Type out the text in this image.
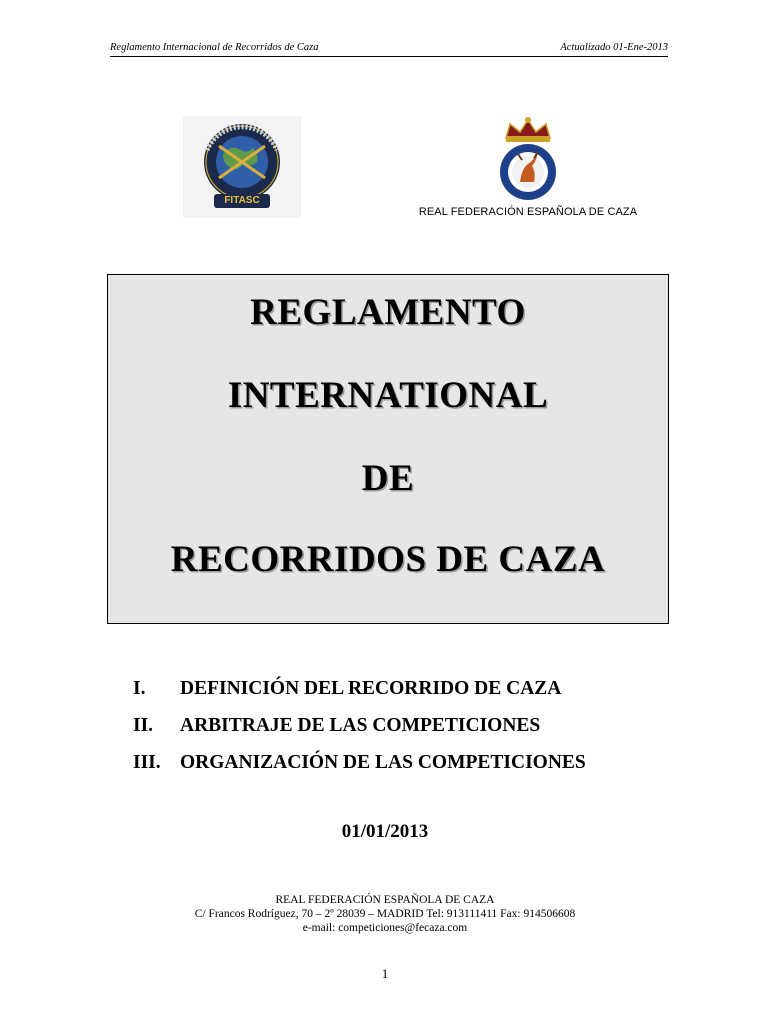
Reglamento Internacional de Recorridos de Caza	Actualizado 01-Ene-2013
FITASC
REAL FEDERACIÓN ESPAÑOLA DE CAZA
REGLAMENTO
INTERNATIONAL
DE
RECORRIDOS DE CAZA
I. DEFINICIÓN DEL RECORRIDO DE CAZA
II. ARBITRAJE DE LAS COMPETICIONES
III. ORGANIZACIÓN DE LAS COMPETICIONES
01/01/2013
REAL FEDERACIÓN ESPAÑOLA DE CAZA
C/ Francos Rodríguez, 70 – 2º 28039 – MADRID Tel: 913111411 Fax: 914506608
e-mail: competiciones@fecaza.com
1
